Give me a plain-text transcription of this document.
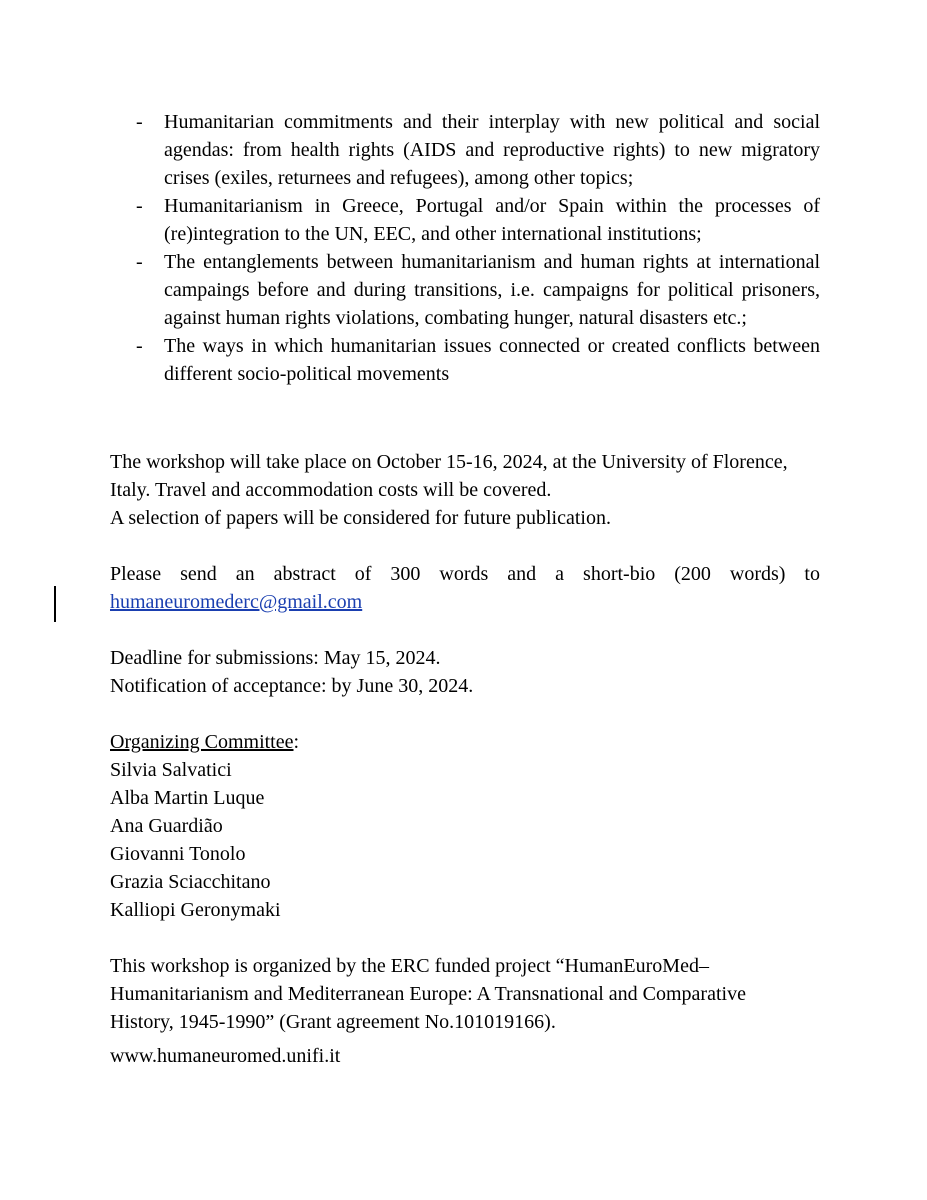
- Humanitarian commitments and their interplay with new political and social agendas: from health rights (AIDS and reproductive rights) to new migratory crises (exiles, returnees and refugees), among other topics;
- Humanitarianism in Greece, Portugal and/or Spain within the processes of (re)integration to the UN, EEC, and other international institutions;
- The entanglements between humanitarianism and human rights at international campaings before and during transitions, i.e. campaigns for political prisoners, against human rights violations, combating hunger, natural disasters etc.;
- The ways in which humanitarian issues connected or created conflicts between different socio-political movements
The workshop will take place on October 15-16, 2024, at the University of Florence,
Italy. Travel and accommodation costs will be covered.
A selection of papers will be considered for future publication.
Please send an abstract of 300 words and a short-bio (200 words) to
humaneuromederc@gmail.com
Deadline for submissions: May 15, 2024.
Notification of acceptance: by June 30, 2024.
Organizing Committee:
Silvia Salvatici
Alba Martin Luque
Ana Guardião
Giovanni Tonolo
Grazia Sciacchitano
Kalliopi Geronymaki
This workshop is organized by the ERC funded project “HumanEuroMed–
Humanitarianism and Mediterranean Europe: A Transnational and Comparative
History, 1945-1990” (Grant agreement No.101019166).
www.humaneuromed.unifi.it
